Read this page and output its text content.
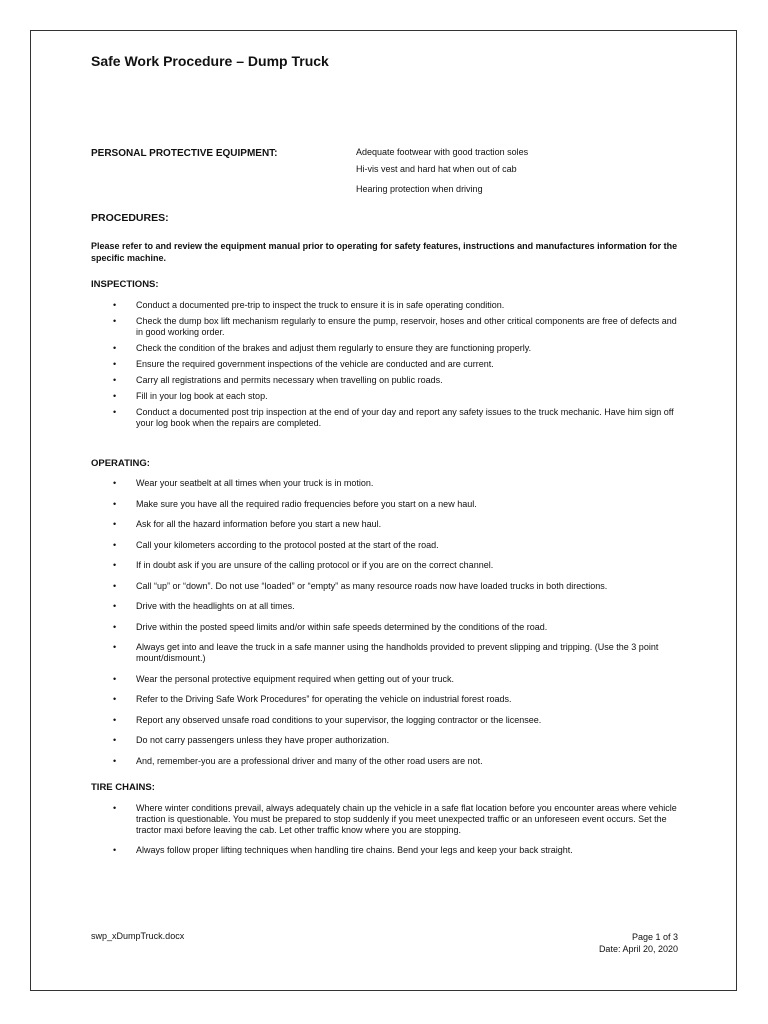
Safe Work Procedure – Dump Truck
PERSONAL PROTECTIVE EQUIPMENT:	Adequate footwear with good traction soles
Hi-vis vest and hard hat when out of cab
Hearing protection when driving
PROCEDURES:
Please refer to and review the equipment manual prior to operating for safety features, instructions and manufactures information for the specific machine.
INSPECTIONS:
• Conduct a documented pre-trip to inspect the truck to ensure it is in safe operating condition.
• Check the dump box lift mechanism regularly to ensure the pump, reservoir, hoses and other critical components are free of defects and in good working order.
• Check the condition of the brakes and adjust them regularly to ensure they are functioning properly.
• Ensure the required government inspections of the vehicle are conducted and are current.
• Carry all registrations and permits necessary when travelling on public roads.
• Fill in your log book at each stop.
• Conduct a documented post trip inspection at the end of your day and report any safety issues to the truck mechanic. Have him sign off your log book when the repairs are completed.
OPERATING:
• Wear your seatbelt at all times when your truck is in motion.
• Make sure you have all the required radio frequencies before you start on a new haul.
• Ask for all the hazard information before you start a new haul.
• Call your kilometers according to the protocol posted at the start of the road.
• If in doubt ask if you are unsure of the calling protocol or if you are on the correct channel.
• Call “up” or “down”. Do not use “loaded” or “empty” as many resource roads now have loaded trucks in both directions.
• Drive with the headlights on at all times.
• Drive within the posted speed limits and/or within safe speeds determined by the conditions of the road.
• Always get into and leave the truck in a safe manner using the handholds provided to prevent slipping and tripping. (Use the 3 point mount/dismount.)
• Wear the personal protective equipment required when getting out of your truck.
• Refer to the Driving Safe Work Procedures” for operating the vehicle on industrial forest roads.
• Report any observed unsafe road conditions to your supervisor, the logging contractor or the licensee.
• Do not carry passengers unless they have proper authorization.
• And, remember-you are a professional driver and many of the other road users are not.
TIRE CHAINS:
• Where winter conditions prevail, always adequately chain up the vehicle in a safe flat location before you encounter areas where vehicle traction is questionable. You must be prepared to stop suddenly if you meet unexpected traffic or an unforeseen event occurs. Set the tractor maxi before leaving the cab. Let other traffic know where you are stopping.
• Always follow proper lifting techniques when handling tire chains. Bend your legs and keep your back straight.
swp_xDumpTruck.docx	Page 1 of 3
Date: April 20, 2020
